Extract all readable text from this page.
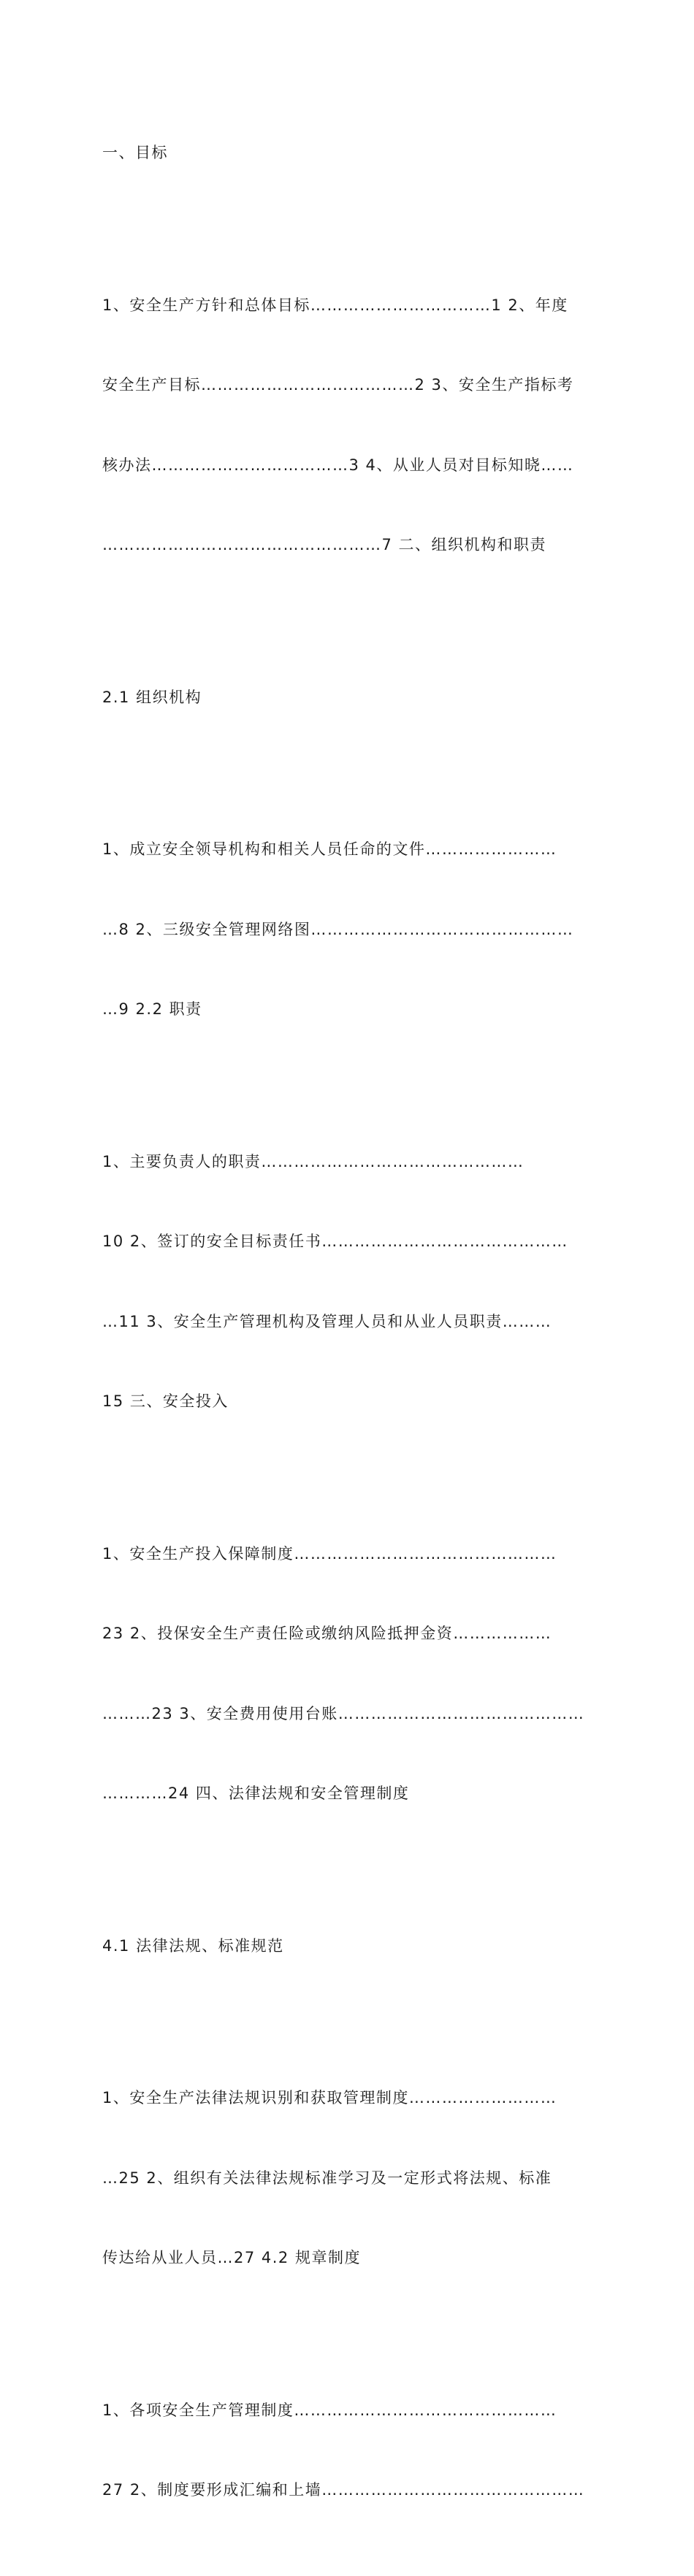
一、目标

1、安全生产方针和总体目标……………………………1 2、年度

安全生产目标…………………………………2 3、安全生产指标考

核办法………………………………3 4、从业人员对目标知晓……

……………………………………………7 二、组织机构和职责

2.1 组织机构

1、成立安全领导机构和相关人员任命的文件……………………

…8 2、三级安全管理网络图…………………………………………

…9 2.2 职责

1、主要负责人的职责…………………………………………

10 2、签订的安全目标责任书………………………………………

…11 3、安全生产管理机构及管理人员和从业人员职责………

15 三、安全投入

1、安全生产投入保障制度…………………………………………

23 2、投保安全生产责任险或缴纳风险抵押金资………………

………23 3、安全费用使用台账………………………………………

…………24 四、法律法规和安全管理制度

4.1 法律法规、标准规范

1、安全生产法律法规识别和获取管理制度………………………

…25 2、组织有关法律法规标准学习及一定形式将法规、标准

传达给从业人员…27 4.2 规章制度

1、各项安全生产管理制度…………………………………………

27 2、制度要形成汇编和上墙…………………………………………
